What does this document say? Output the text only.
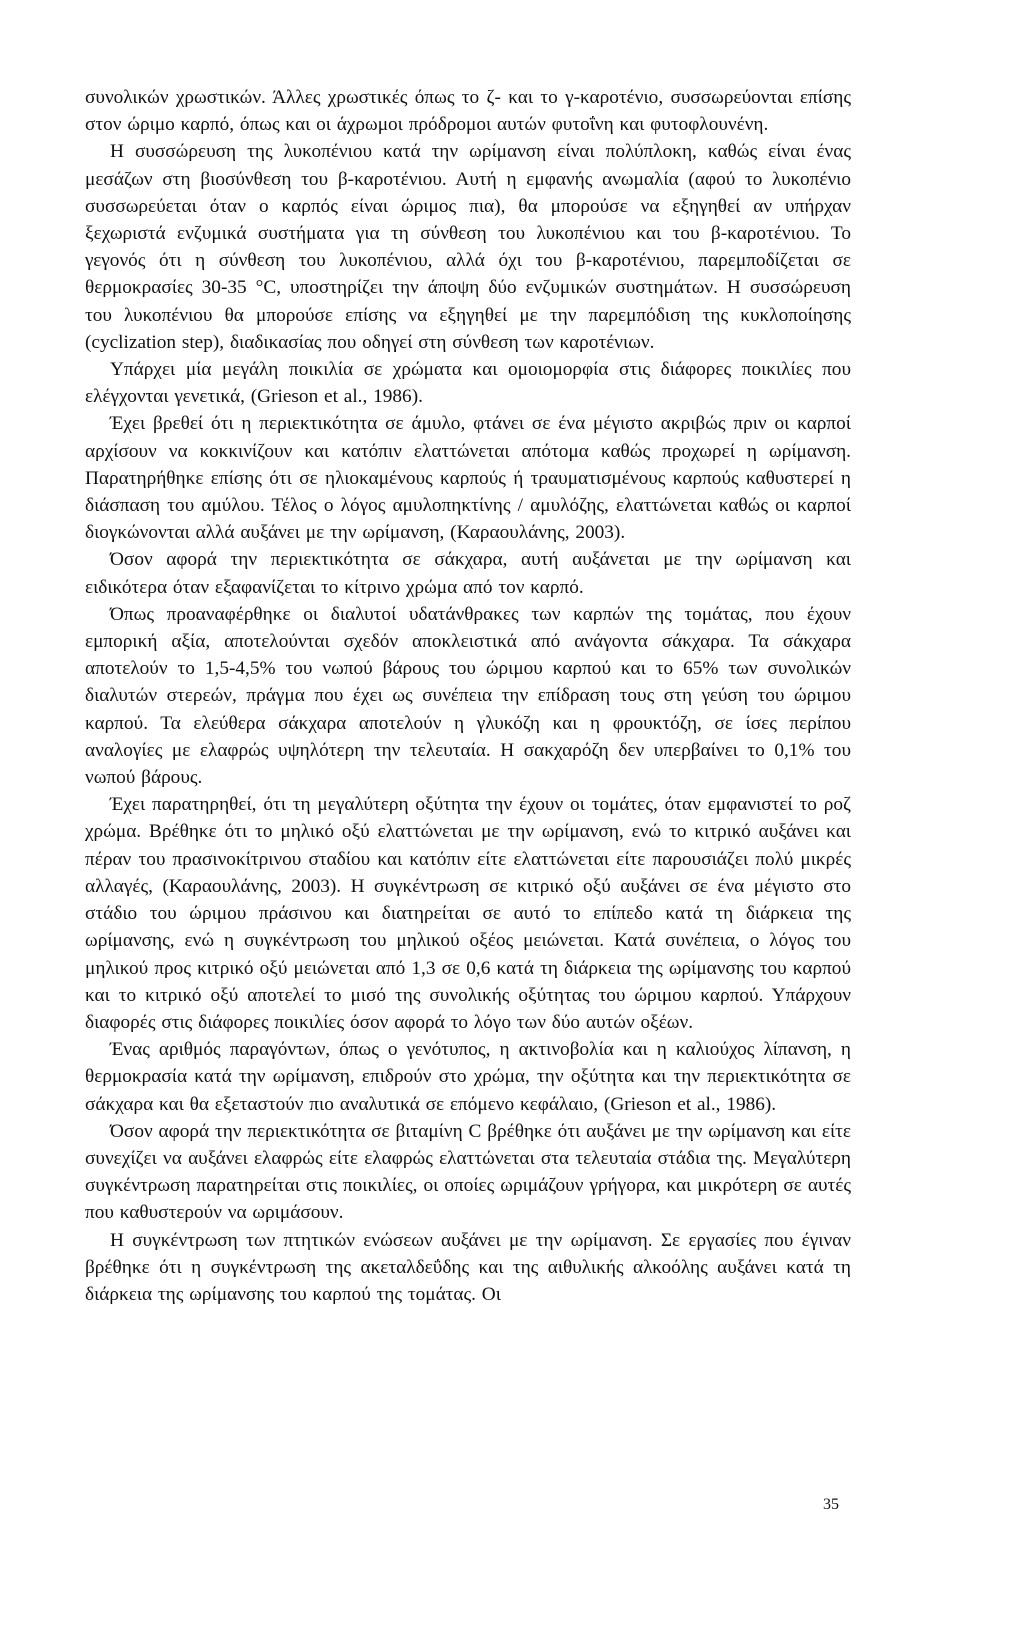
συνολικών χρωστικών. Άλλες χρωστικές όπως το ζ- και το γ-καροτένιο, συσσωρεύονται επίσης στον ώριμο καρπό, όπως και οι άχρωμοι πρόδρομοι αυτών φυτοΐνη και φυτοφλουνένη.

Η συσσώρευση της λυκοπένιου κατά την ωρίμανση είναι πολύπλοκη, καθώς είναι ένας μεσάζων στη βιοσύνθεση του β-καροτένιου. Αυτή η εμφανής ανωμαλία (αφού το λυκοπένιο συσσωρεύεται όταν ο καρπός είναι ώριμος πια), θα μπορούσε να εξηγηθεί αν υπήρχαν ξεχωριστά ενζυμικά συστήματα για τη σύνθεση του λυκοπένιου και του β-καροτένιου. Το γεγονός ότι η σύνθεση του λυκοπένιου, αλλά όχι του β-καροτένιου, παρεμποδίζεται σε θερμοκρασίες 30-35 °C, υποστηρίζει την άποψη δύο ενζυμικών συστημάτων. Η συσσώρευση του λυκοπένιου θα μπορούσε επίσης να εξηγηθεί με την παρεμπόδιση της κυκλοποίησης (cyclization step), διαδικασίας που οδηγεί στη σύνθεση των καροτένιων.

Υπάρχει μία μεγάλη ποικιλία σε χρώματα και ομοιομορφία στις διάφορες ποικιλίες που ελέγχονται γενετικά, (Grieson et al., 1986).

Έχει βρεθεί ότι η περιεκτικότητα σε άμυλο, φτάνει σε ένα μέγιστο ακριβώς πριν οι καρποί αρχίσουν να κοκκινίζουν και κατόπιν ελαττώνεται απότομα καθώς προχωρεί η ωρίμανση. Παρατηρήθηκε επίσης ότι σε ηλιοκαμένους καρπούς ή τραυματισμένους καρπούς καθυστερεί η διάσπαση του αμύλου. Τέλος ο λόγος αμυλοπηκτίνης / αμυλόζης, ελαττώνεται καθώς οι καρποί διογκώνονται αλλά αυξάνει με την ωρίμανση, (Καραουλάνης, 2003).

Όσον αφορά την περιεκτικότητα σε σάκχαρα, αυτή αυξάνεται με την ωρίμανση και ειδικότερα όταν εξαφανίζεται το κίτρινο χρώμα από τον καρπό.

Όπως προαναφέρθηκε οι διαλυτοί υδατάνθρακες των καρπών της τομάτας, που έχουν εμπορική αξία, αποτελούνται σχεδόν αποκλειστικά από ανάγοντα σάκχαρα. Τα σάκχαρα αποτελούν το 1,5-4,5% του νωπού βάρους του ώριμου καρπού και το 65% των συνολικών διαλυτών στερεών, πράγμα που έχει ως συνέπεια την επίδραση τους στη γεύση του ώριμου καρπού. Τα ελεύθερα σάκχαρα αποτελούν η γλυκόζη και η φρουκτόζη, σε ίσες περίπου αναλογίες με ελαφρώς υψηλότερη την τελευταία. Η σακχαρόζη δεν υπερβαίνει το 0,1% του νωπού βάρους.

Έχει παρατηρηθεί, ότι τη μεγαλύτερη οξύτητα την έχουν οι τομάτες, όταν εμφανιστεί το ροζ χρώμα. Βρέθηκε ότι το μηλικό οξύ ελαττώνεται με την ωρίμανση, ενώ το κιτρικό αυξάνει και πέραν του πρασινοκίτρινου σταδίου και κατόπιν είτε ελαττώνεται είτε παρουσιάζει πολύ μικρές αλλαγές, (Καραουλάνης, 2003). Η συγκέντρωση σε κιτρικό οξύ αυξάνει σε ένα μέγιστο στο στάδιο του ώριμου πράσινου και διατηρείται σε αυτό το επίπεδο κατά τη διάρκεια της ωρίμανσης, ενώ η συγκέντρωση του μηλικού οξέος μειώνεται. Κατά συνέπεια, ο λόγος του μηλικού προς κιτρικό οξύ μειώνεται από 1,3 σε 0,6 κατά τη διάρκεια της ωρίμανσης του καρπού και το κιτρικό οξύ αποτελεί το μισό της συνολικής οξύτητας του ώριμου καρπού. Υπάρχουν διαφορές στις διάφορες ποικιλίες όσον αφορά το λόγο των δύο αυτών οξέων.

Ένας αριθμός παραγόντων, όπως ο γενότυπος, η ακτινοβολία και η καλιούχος λίπανση, η θερμοκρασία κατά την ωρίμανση, επιδρούν στο χρώμα, την οξύτητα και την περιεκτικότητα σε σάκχαρα και θα εξεταστούν πιο αναλυτικά σε επόμενο κεφάλαιο, (Grieson et al., 1986).

Όσον αφορά την περιεκτικότητα σε βιταμίνη C βρέθηκε ότι αυξάνει με την ωρίμανση και είτε συνεχίζει να αυξάνει ελαφρώς είτε ελαφρώς ελαττώνεται στα τελευταία στάδια της. Μεγαλύτερη συγκέντρωση παρατηρείται στις ποικιλίες, οι οποίες ωριμάζουν γρήγορα, και μικρότερη σε αυτές που καθυστερούν να ωριμάσουν.

Η συγκέντρωση των πτητικών ενώσεων αυξάνει με την ωρίμανση. Σε εργασίες που έγιναν βρέθηκε ότι η συγκέντρωση της ακεταλδεΰδης και της αιθυλικής αλκοόλης αυξάνει κατά τη διάρκεια της ωρίμανσης του καρπού της τομάτας. Οι

35
